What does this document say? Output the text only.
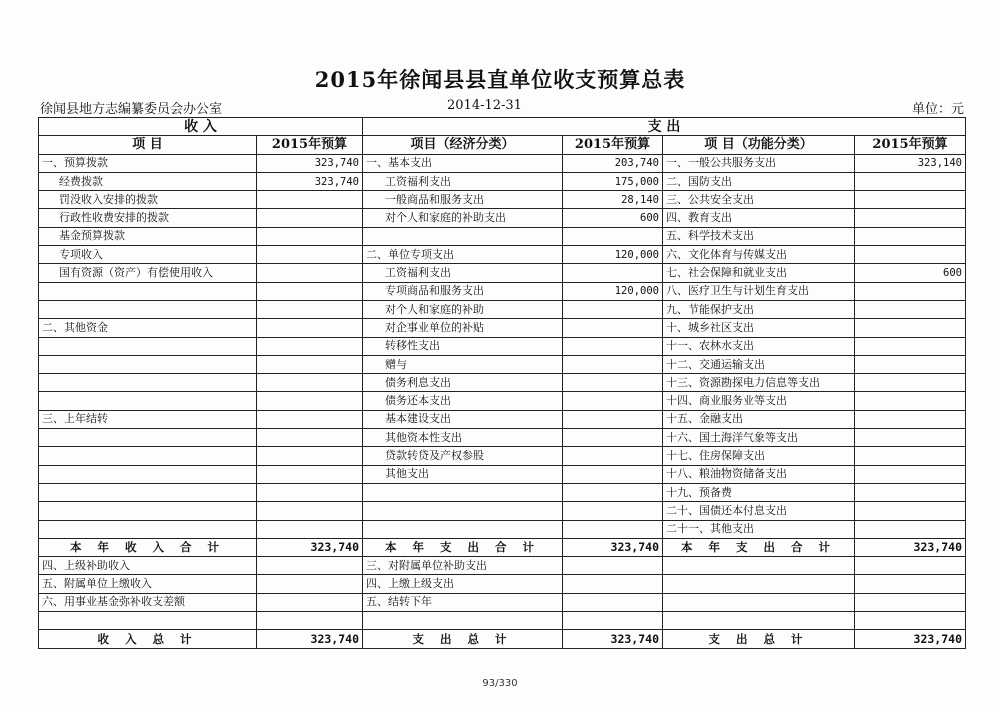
2015年徐闻县县直单位收支预算总表
徐闻县地方志编纂委员会办公室	2014-12-31	单位：元
收 入		支 出			
项 目	2015年预算	项目（经济分类）	2015年预算	项 目（功能分类）	2015年预算
一、预算拨款	323,740	一、基本支出	203,740	一、一般公共服务支出	323,140
经费拨款	323,740	工资福利支出	175,000	二、国防支出	
罚没收入安排的拨款		一般商品和服务支出	28,140	三、公共安全支出	
行政性收费安排的拨款		对个人和家庭的补助支出	600	四、教育支出	
基金预算拨款				五、科学技术支出	
专项收入		二、单位专项支出	120,000	六、文化体育与传媒支出	
国有资源（资产）有偿使用收入		工资福利支出		七、社会保障和就业支出	600
		专项商品和服务支出	120,000	八、医疗卫生与计划生育支出	
		对个人和家庭的补助		九、节能保护支出	
二、其他资金		对企事业单位的补贴		十、城乡社区支出	
		转移性支出		十一、农林水支出	
		赠与		十二、交通运输支出	
		债务利息支出		十三、资源勘探电力信息等支出	
		债务还本支出		十四、商业服务业等支出	
三、上年结转		基本建设支出		十五、金融支出	
		其他资本性支出		十六、国土海洋气象等支出	
		贷款转贷及产权参股		十七、住房保障支出	
		其他支出		十八、粮油物资储备支出	
				十九、预备费	
				二十、国债还本付息支出	
				二十一、其他支出	
本 年 收 入 合 计	323,740	本 年 支 出 合 计	323,740	本 年 支 出 合 计	323,740
四、上级补助收入		三、对附属单位补助支出			
五、附属单位上缴收入		四、上缴上级支出			
六、用事业基金弥补收支差额		五、结转下年			

收 入 总 计	323,740	支 出 总 计	323,740	支 出 总 计	323,740
93/330
